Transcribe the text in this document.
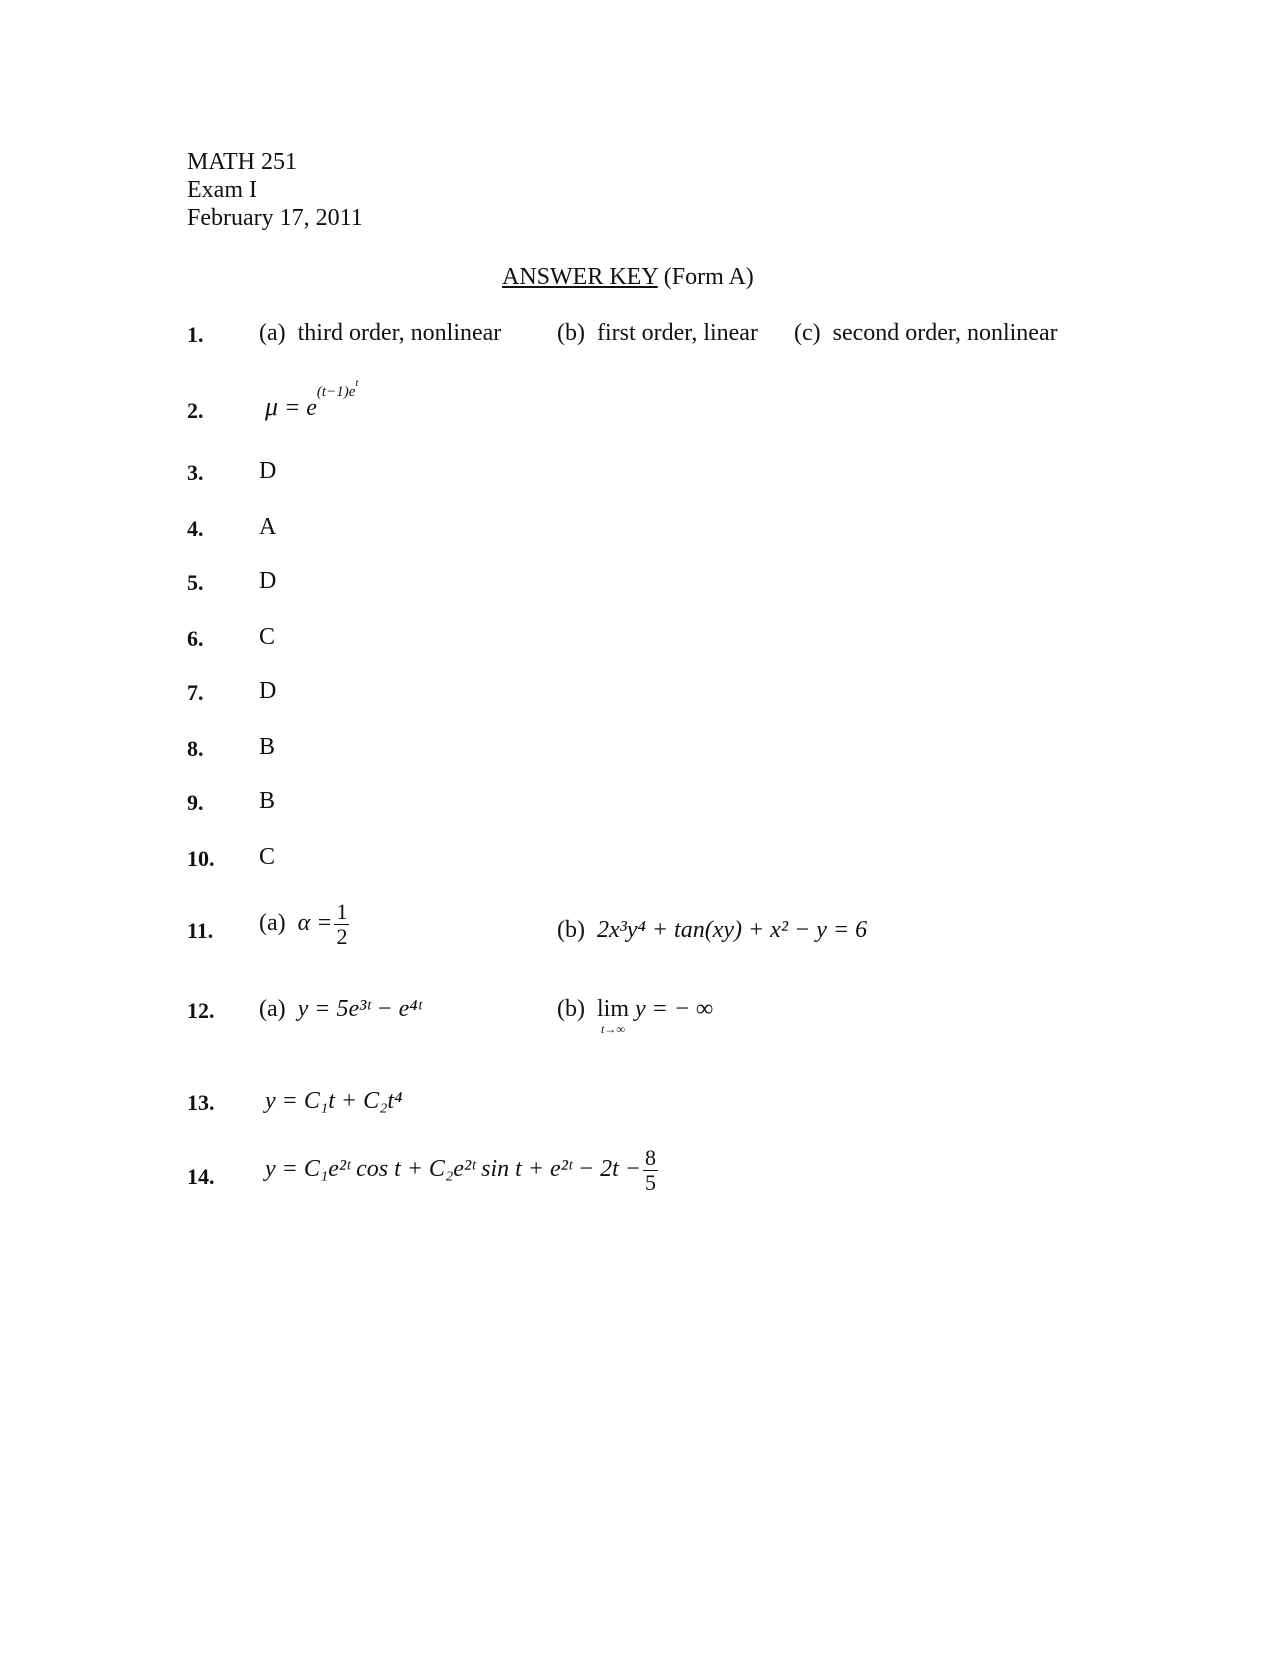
MATH 251
Exam I
February 17, 2011
ANSWER KEY (Form A)
1. (a) third order, nonlinear (b) first order, linear (c) second order, nonlinear
2. $\mu = e^{(t-1)e^t}$
3. D
4. A
5. D
6. C
7. D
8. B
9. B
10. C
11. (a) $\alpha = \frac{1}{2}$	(b) 2x³y⁴ + tan(xy) + x² − y = 6
12. (a) y = 5e³ᵗ − e⁴ᵗ	(b) lim
t→∞
y = − ∞
13. y = C₁t + C₂t⁴
14. y = C₁e²ᵗ cos t + C₂e²ᵗ sin t + e²ᵗ − $2t - \frac{8}{5}$
